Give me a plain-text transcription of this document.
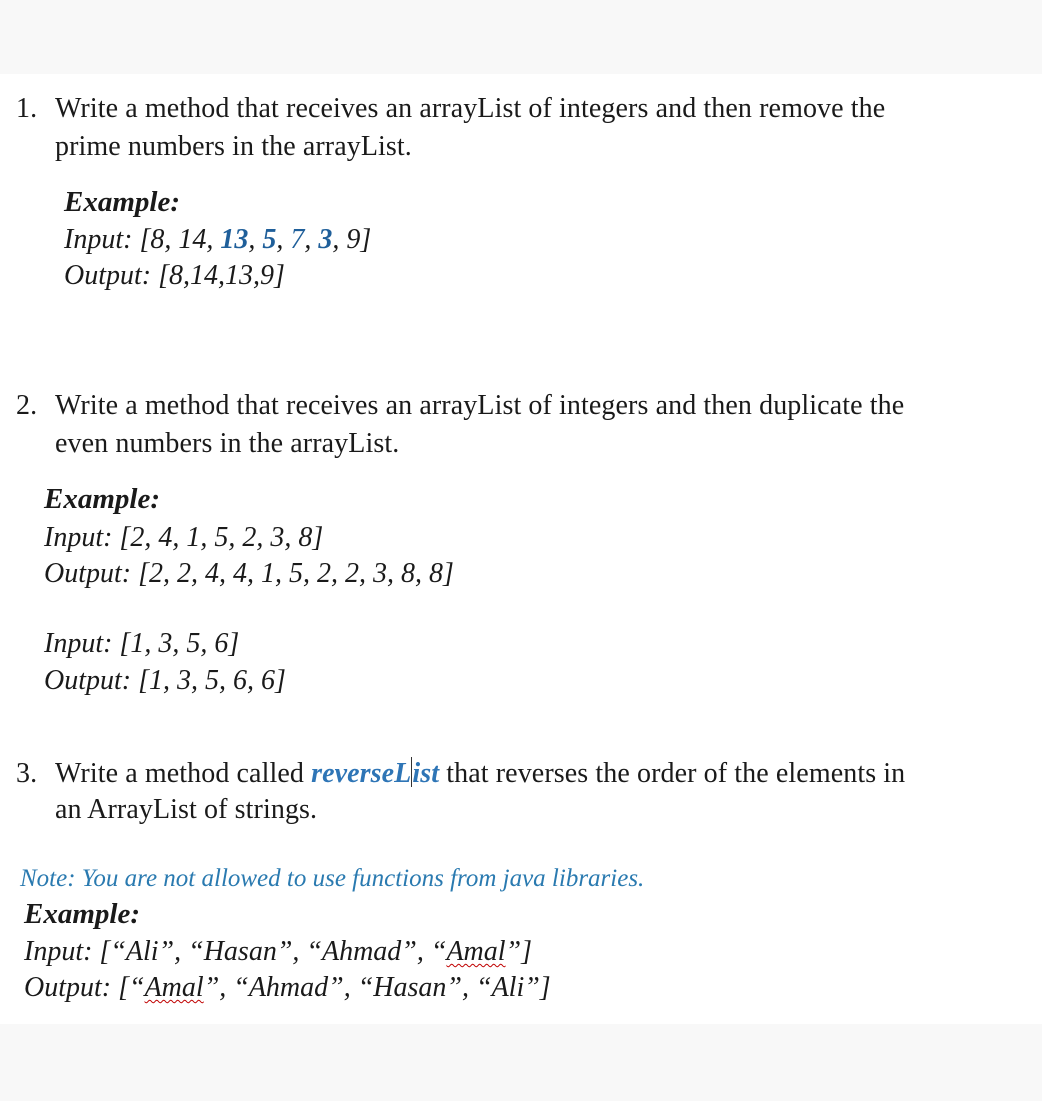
1. Write a method that receives an arrayList of integers and then remove the
prime numbers in the arrayList.
Example:
Input: [8, 14, 13, 5, 7, 3, 9]
Output: [8,14,13,9]
2. Write a method that receives an arrayList of integers and then duplicate the
even numbers in the arrayList.
Example:
Input: [2, 4, 1, 5, 2, 3, 8]
Output: [2, 2, 4, 4, 1, 5, 2, 2, 3, 8, 8]
Input: [1, 3, 5, 6]
Output: [1, 3, 5, 6, 6]
3. Write a method called reverseList that reverses the order of the elements in
an ArrayList of strings.
Note: You are not allowed to use functions from java libraries.
Example:
Input: [“Ali”, “Hasan”, “Ahmad”, “Amal”]
Output: [“Amal”, “Ahmad”, “Hasan”, “Ali”]
